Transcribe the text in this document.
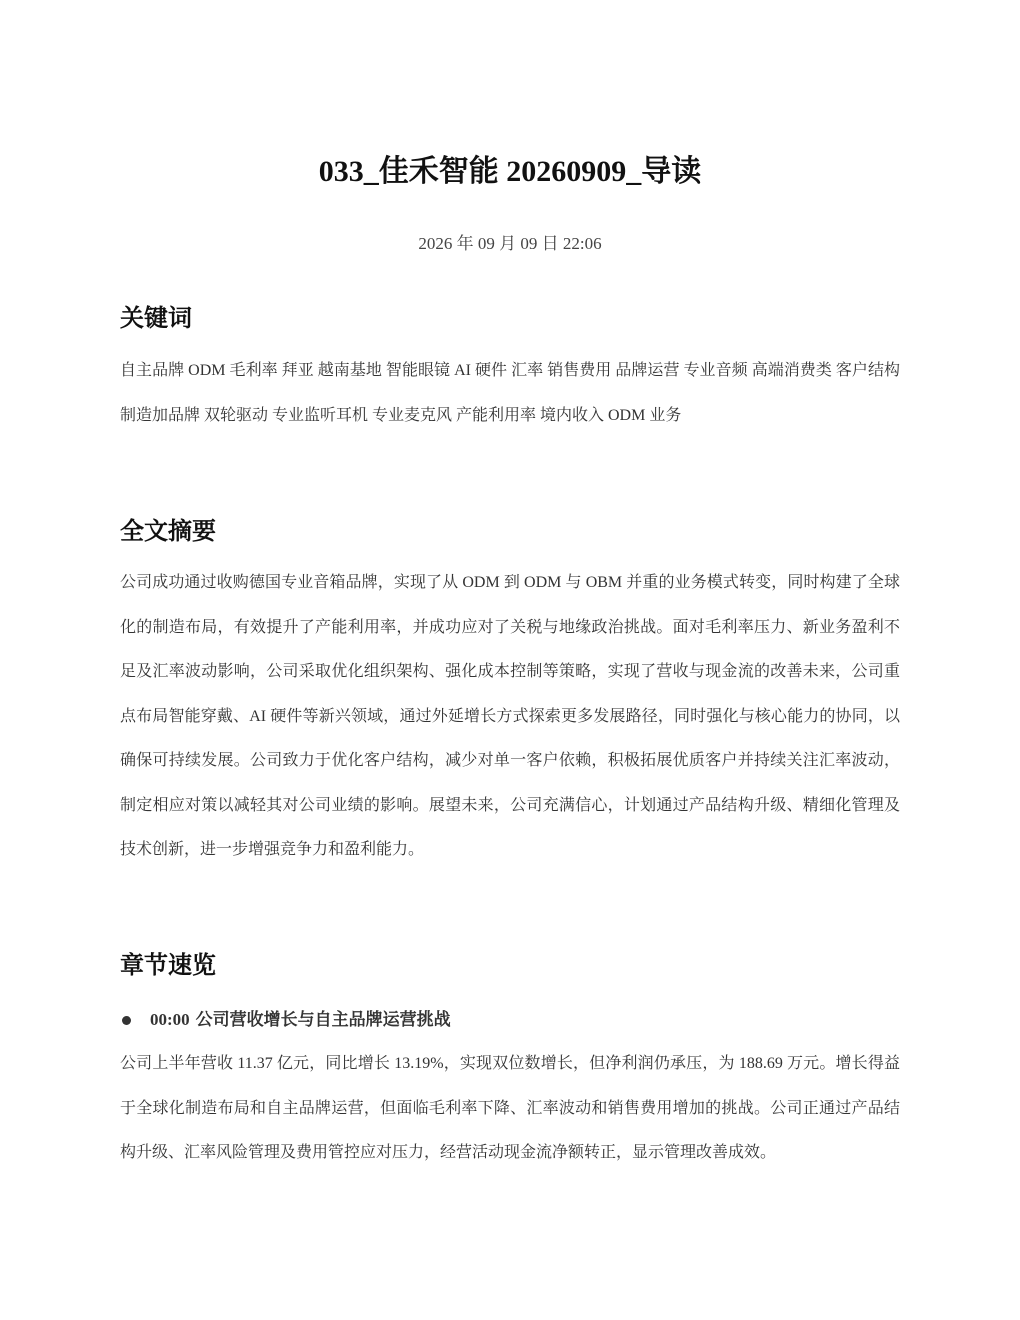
033_佳禾智能 20260909_导读
2026 年 09 月 09 日 22:06
关键词

自主品牌 ODM 毛利率 拜亚 越南基地 智能眼镜 AI 硬件 汇率 销售费用 品牌运营 专业音频 高端消费类 客户结构 制造加品牌 双轮驱动 专业监听耳机 专业麦克风 产能利用率 境内收入 ODM 业务

全文摘要

公司成功通过收购德国专业音箱品牌，实现了从 ODM 到 ODM 与 OBM 并重的业务模式转变，同时构建了全球化的制造布局，有效提升了产能利用率，并成功应对了关税与地缘政治挑战。面对毛利率压力、新业务盈利不足及汇率波动影响，公司采取优化组织架构、强化成本控制等策略，实现了营收与现金流的改善未来，公司重点布局智能穿戴、AI 硬件等新兴领域，通过外延增长方式探索更多发展路径，同时强化与核心能力的协同，以确保可持续发展。公司致力于优化客户结构，减少对单一客户依赖，积极拓展优质客户并持续关注汇率波动，制定相应对策以减轻其对公司业绩的影响。展望未来，公司充满信心，计划通过产品结构升级、精细化管理及技术创新，进一步增强竞争力和盈利能力。

章节速览
00:00 公司营收增长与自主品牌运营挑战

公司上半年营收 11.37 亿元，同比增长 13.19%，实现双位数增长，但净利润仍承压，为 188.69 万元。增长得益于全球化制造布局和自主品牌运营，但面临毛利率下降、汇率波动和销售费用增加的挑战。公司正通过产品结构升级、汇率风险管理及费用管控应对压力，经营活动现金流净额转正，显示管理改善成效。
